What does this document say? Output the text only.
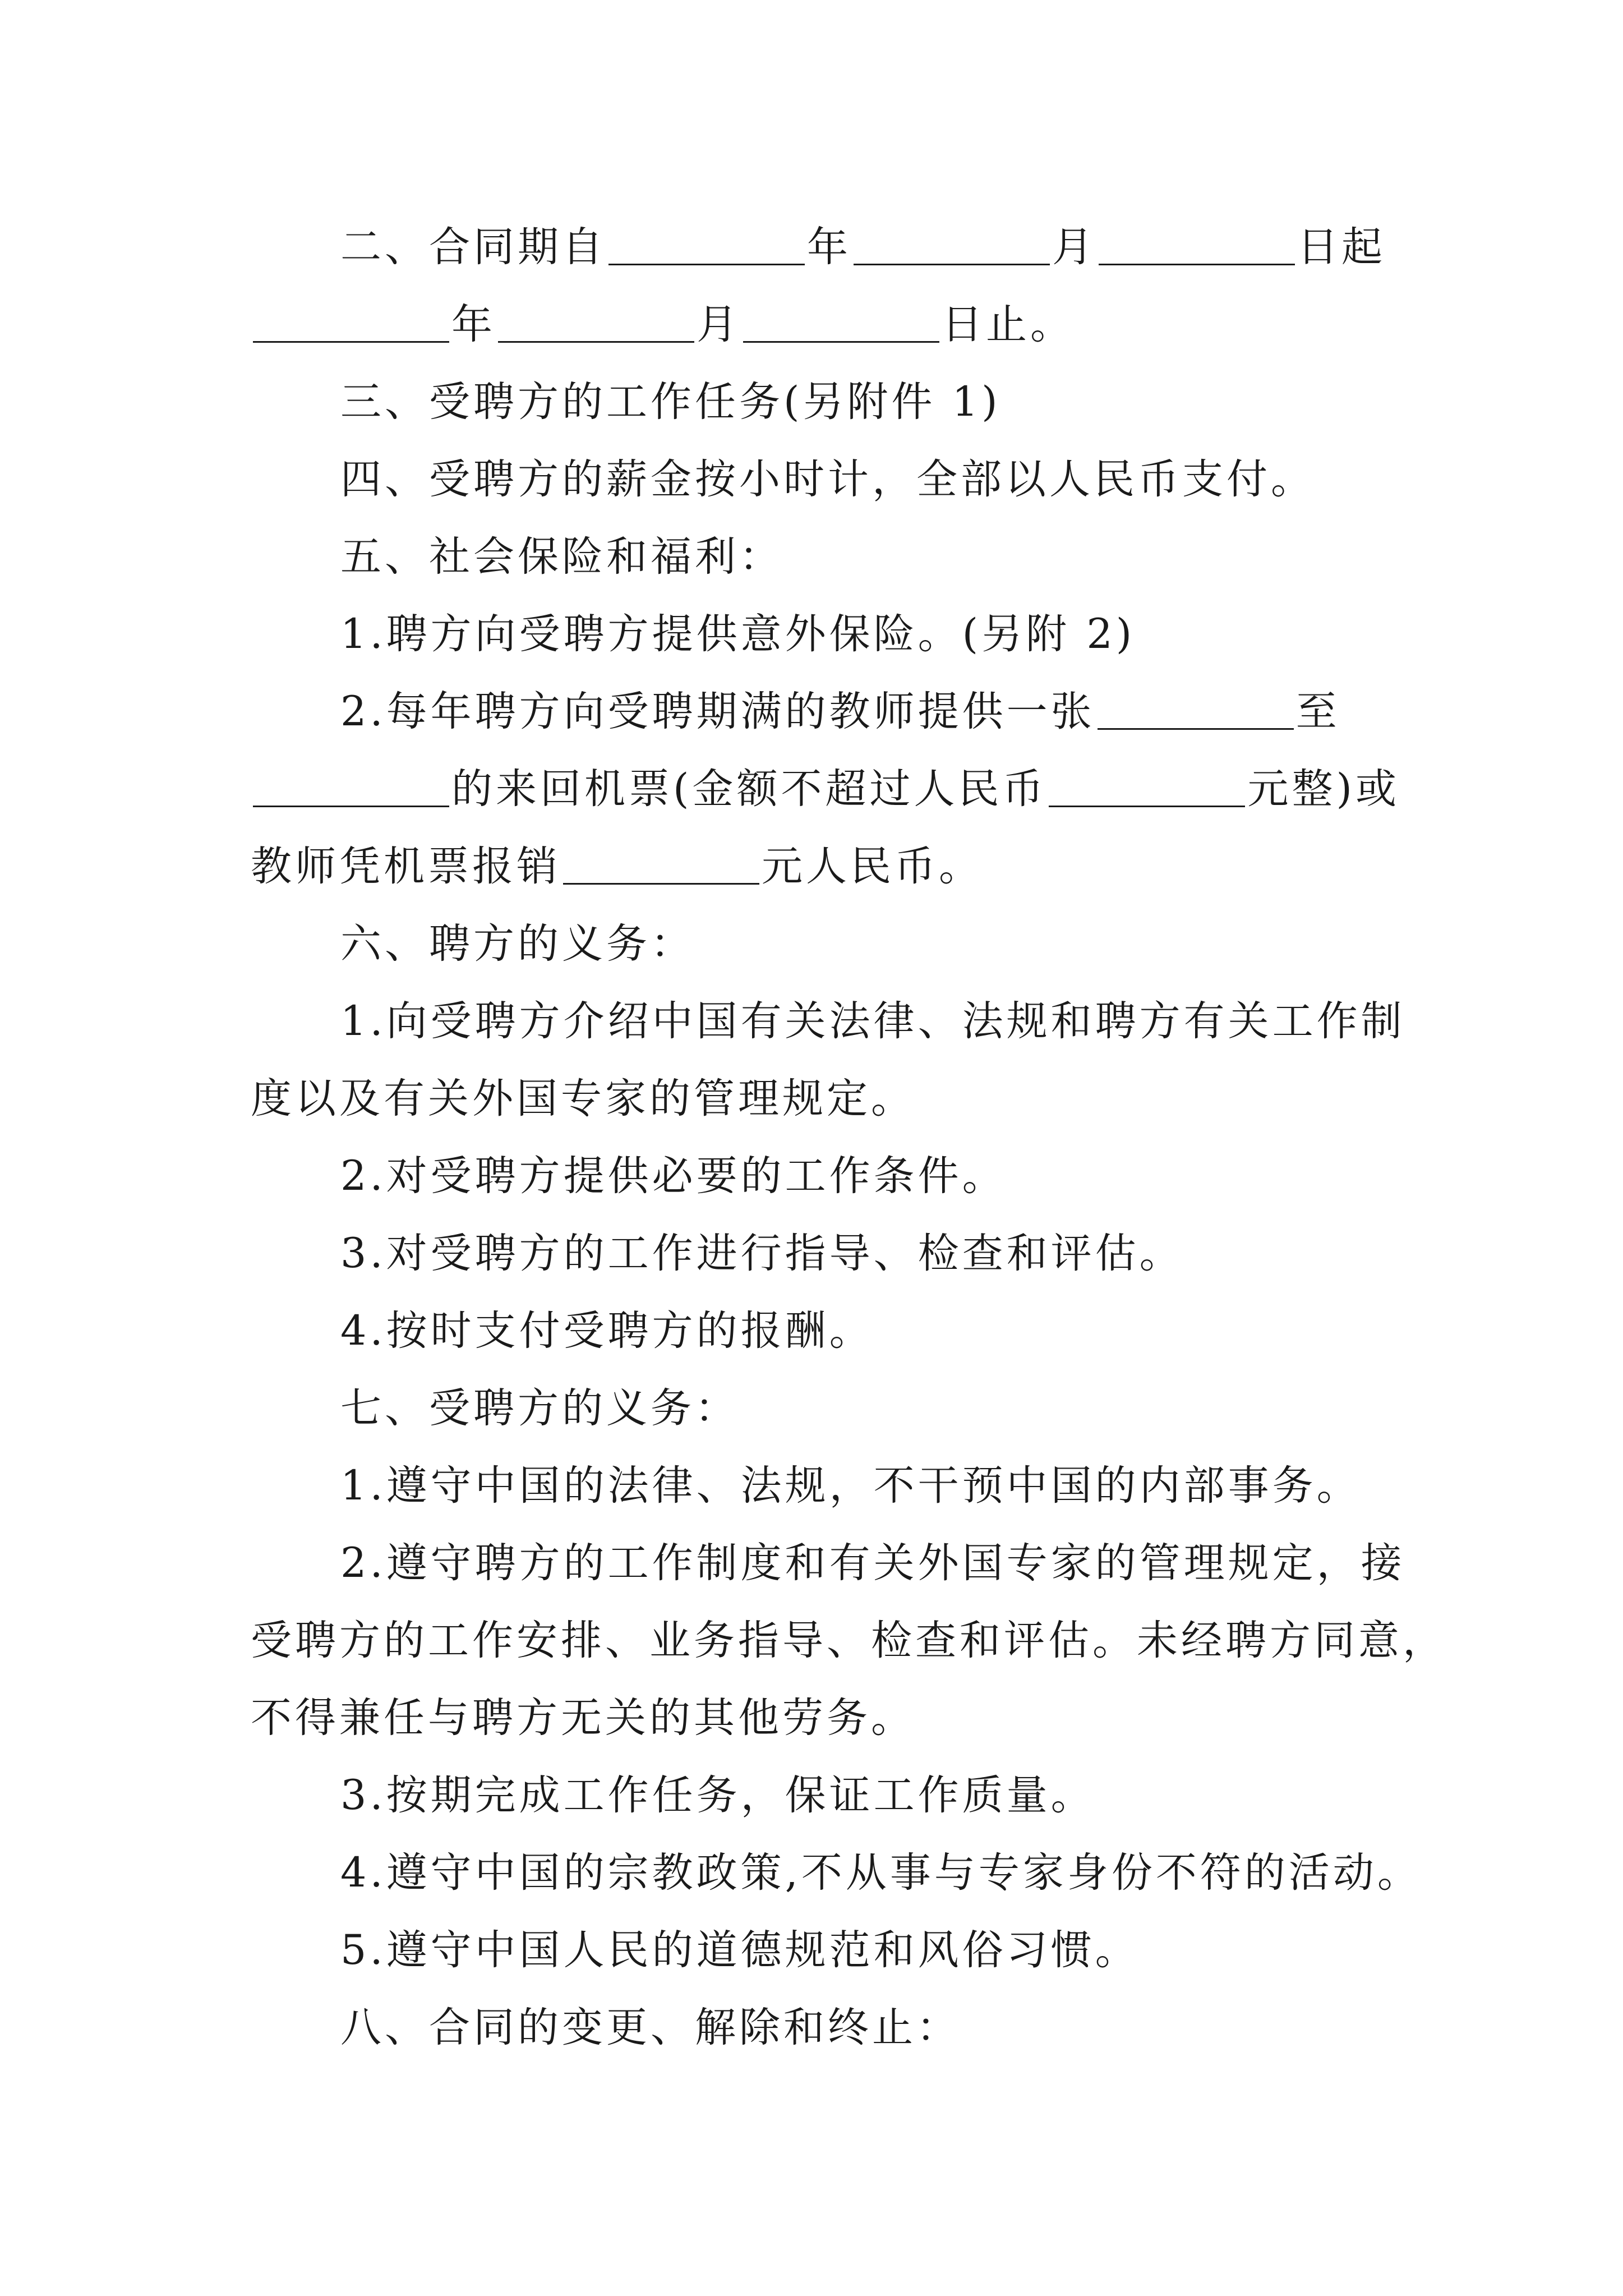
二、合同期自	年	月	日起
年	月	日止。
三、受聘方的工作任务(另附件 1)
四、受聘方的薪金按小时计，全部以人民币支付。
五、社会保险和福利：
1.聘方向受聘方提供意外保险。(另附 2)
2.每年聘方向受聘期满的教师提供一张	至
的来回机票(金额不超过人民币	元整)或
教师凭机票报销	元人民币。
六、聘方的义务：
1.向受聘方介绍中国有关法律、法规和聘方有关工作制
度以及有关外国专家的管理规定。
2.对受聘方提供必要的工作条件。
3.对受聘方的工作进行指导、检查和评估。
4.按时支付受聘方的报酬。
七、受聘方的义务：
1.遵守中国的法律、法规，不干预中国的内部事务。
2.遵守聘方的工作制度和有关外国专家的管理规定，接
受聘方的工作安排、业务指导、检查和评估。未经聘方同意，
不得兼任与聘方无关的其他劳务。
3.按期完成工作任务，保证工作质量。
4.遵守中国的宗教政策,不从事与专家身份不符的活动。
5.遵守中国人民的道德规范和风俗习惯。
八、合同的变更、解除和终止：
